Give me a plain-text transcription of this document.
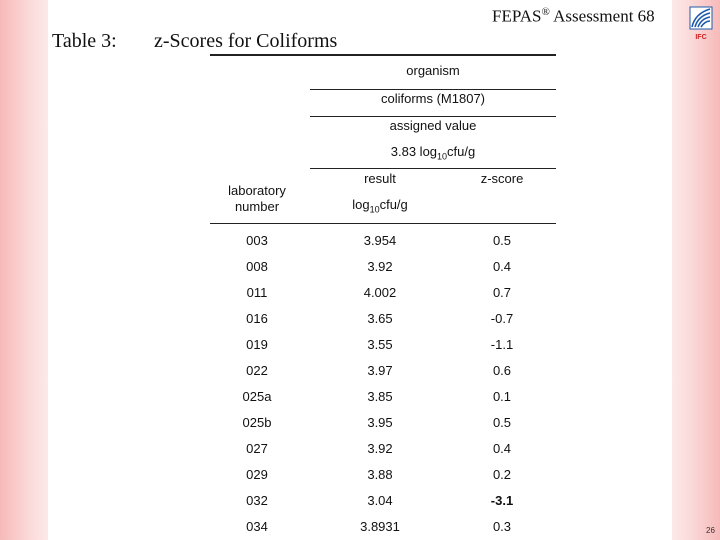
Table 3: z-Scores for Coliforms
FEPAS® Assessment 68
IFC
organism
coliforms (M1807)
assigned value
3.83 $\log_{10}cfu/g$
laboratory
number
result
$\log_{10}cfu/g$
z-score
003	3.954	0.5
008	3.92	0.4
011	4.002	0.7
016	3.65	-0.7
019	3.55	-1.1
022	3.97	0.6
025a	3.85	0.1
025b	3.95	0.5
027	3.92	0.4
029	3.88	0.2
032	3.04	-3.1
034	3.8931	0.3	26
